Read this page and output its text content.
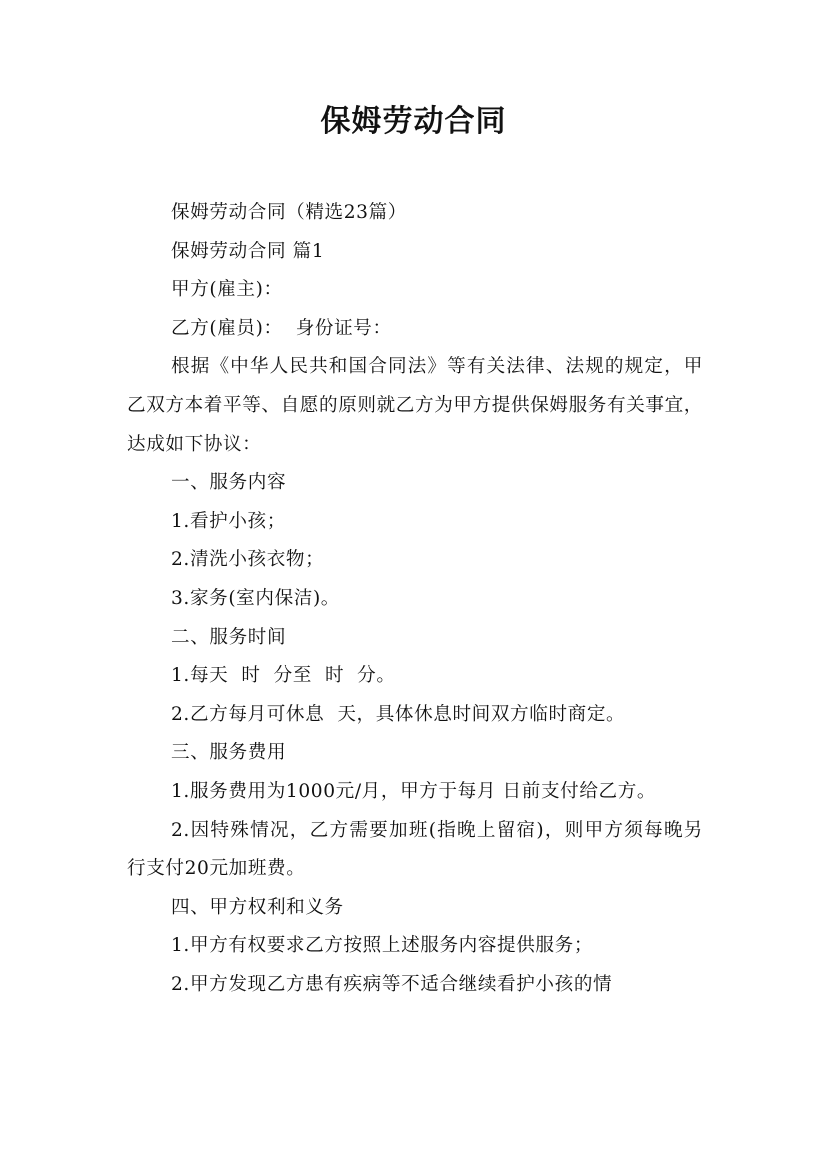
保姆劳动合同

保姆劳动合同（精选23篇）

保姆劳动合同 篇1

甲方(雇主)：

乙方(雇员)：  身份证号：

根据《中华人民共和国合同法》等有关法律、法规的规定，甲乙双方本着平等、自愿的原则就乙方为甲方提供保姆服务有关事宜，达成如下协议：

一、服务内容

1.看护小孩；

2.清洗小孩衣物；

3.家务(室内保洁)。

二、服务时间

1.每天  时  分至  时  分。

2.乙方每月可休息  天，具体休息时间双方临时商定。

三、服务费用

1.服务费用为1000元/月，甲方于每月 日前支付给乙方。

2.因特殊情况，乙方需要加班(指晚上留宿)，则甲方须每晚另行支付20元加班费。

四、甲方权利和义务

1.甲方有权要求乙方按照上述服务内容提供服务；

2.甲方发现乙方患有疾病等不适合继续看护小孩的情
